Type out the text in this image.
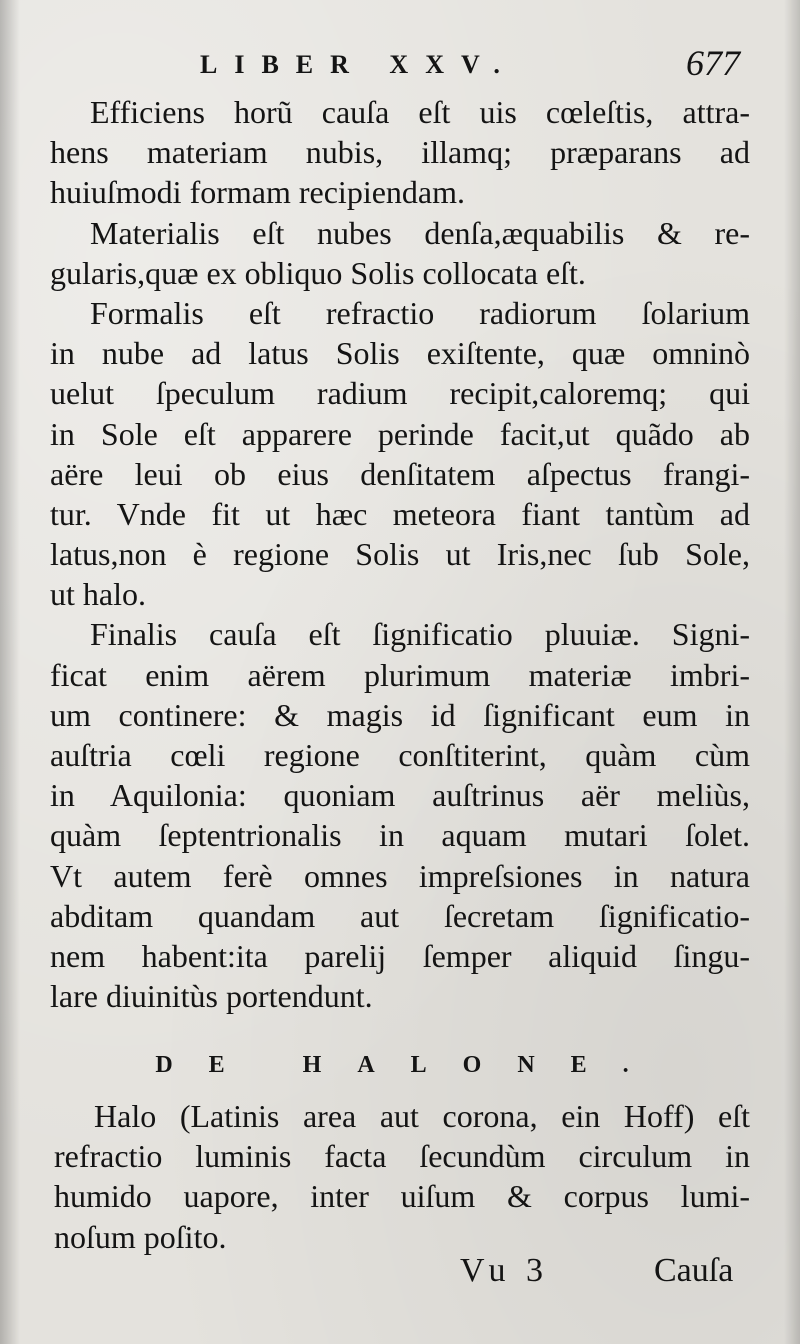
LIBER XXV.	677
Efficiens horũ cauſa eſt uis cœleſtis, attra-
hens materiam nubis, illamq; præparans ad
huiuſmodi formam recipiendam.
Materialis eſt nubes denſa,æquabilis & re-
gularis,quæ ex obliquo Solis collocata eſt.
Formalis eſt refractio radiorum ſolarium
in nube ad latus Solis exiſtente, quæ omninò
uelut ſpeculum radium recipit,caloremq; qui
in Sole eſt apparere perinde facit,ut quãdo ab
aëre leui ob eius denſitatem aſpectus frangi-
tur. Vnde fit ut hæc meteora fiant tantùm ad
latus,non è regione Solis ut Iris,nec ſub Sole,
ut halo.
Finalis cauſa eſt ſignificatio pluuiæ. Signi-
ficat enim aërem plurimum materiæ imbri-
um continere: & magis id ſignificant eum in
auſtria cœli regione conſtiterint, quàm cùm
in Aquilonia: quoniam auſtrinus aër meliùs,
quàm ſeptentrionalis in aquam mutari ſolet.
Vt autem ferè omnes impreſsiones in natura
abditam quandam aut ſecretam ſignificatio-
nem habent:ita parelij ſemper aliquid ſingu-
lare diuinitùs portendunt.
DE HALONE.
Halo (Latinis area aut corona, ein Hoff) eſt
refractio luminis facta ſecundùm circulum in
humido uapore, inter uiſum & corpus lumi-
noſum poſito.
Vu 3	Cauſa
